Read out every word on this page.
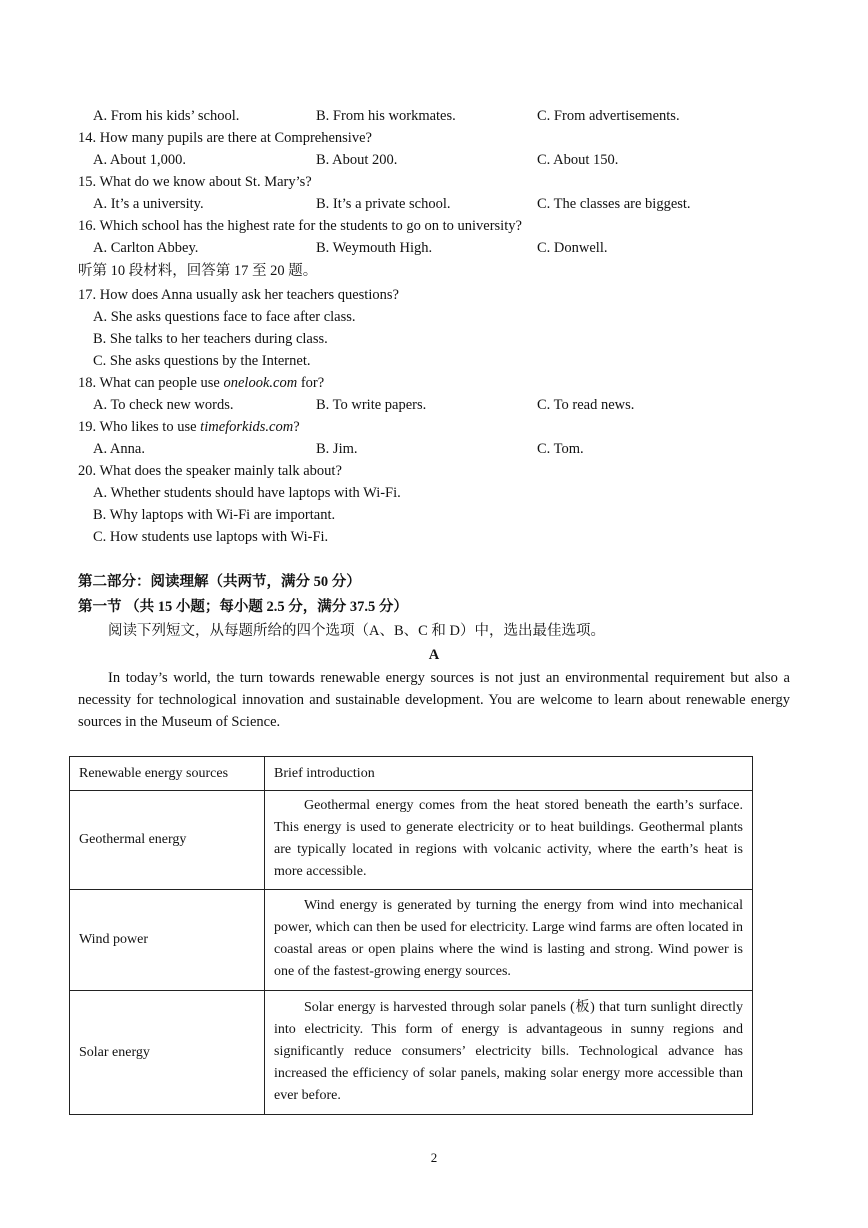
A. From his kids’ school.	B. From his workmates.	C. From advertisements.
14. How many pupils are there at Comprehensive?
A. About 1,000.	B. About 200.	C. About 150.
15. What do we know about St. Mary’s?
A. It’s a university.	B. It’s a private school.	C. The classes are biggest.
16. Which school has the highest rate for the students to go on to university?
A. Carlton Abbey.	B. Weymouth High.	C. Donwell.
听第 10 段材料，回答第 17 至 20 题。
17. How does Anna usually ask her teachers questions?
A. She asks questions face to face after class.
B. She talks to her teachers during class.
C. She asks questions by the Internet.
18. What can people use onelook.com for?
A. To check new words.	B. To write papers.	C. To read news.
19. Who likes to use timeforkids.com?
A. Anna.	B. Jim.	C. Tom.
20. What does the speaker mainly talk about?
A. Whether students should have laptops with Wi-Fi.
B. Why laptops with Wi-Fi are important.
C. How students use laptops with Wi-Fi.
第二部分：阅读理解（共两节，满分 50 分）
第一节 （共 15 小题；每小题 2.5 分，满分 37.5 分）
阅读下列短文，从每题所给的四个选项（A、B、C 和 D）中，选出最佳选项。
A
In today’s world, the turn towards renewable energy sources is not just an environmental requirement but also a necessity for technological innovation and sustainable development. You are welcome to learn about renewable energy sources in the Museum of Science.
Renewable energy sources	Brief introduction
Geothermal energy	Geothermal energy comes from the heat stored beneath the earth’s surface. This energy is used to generate electricity or to heat buildings. Geothermal plants are typically located in regions with volcanic activity, where the earth’s heat is more accessible.
Wind power	Wind energy is generated by turning the energy from wind into mechanical power, which can then be used for electricity. Large wind farms are often located in coastal areas or open plains where the wind is lasting and strong. Wind power is one of the fastest-growing energy sources.
Solar energy	Solar energy is harvested through solar panels (板) that turn sunlight directly into electricity. This form of energy is advantageous in sunny regions and significantly reduce consumers’ electricity bills. Technological advance has increased the efficiency of solar panels, making solar energy more accessible than ever before.
2
